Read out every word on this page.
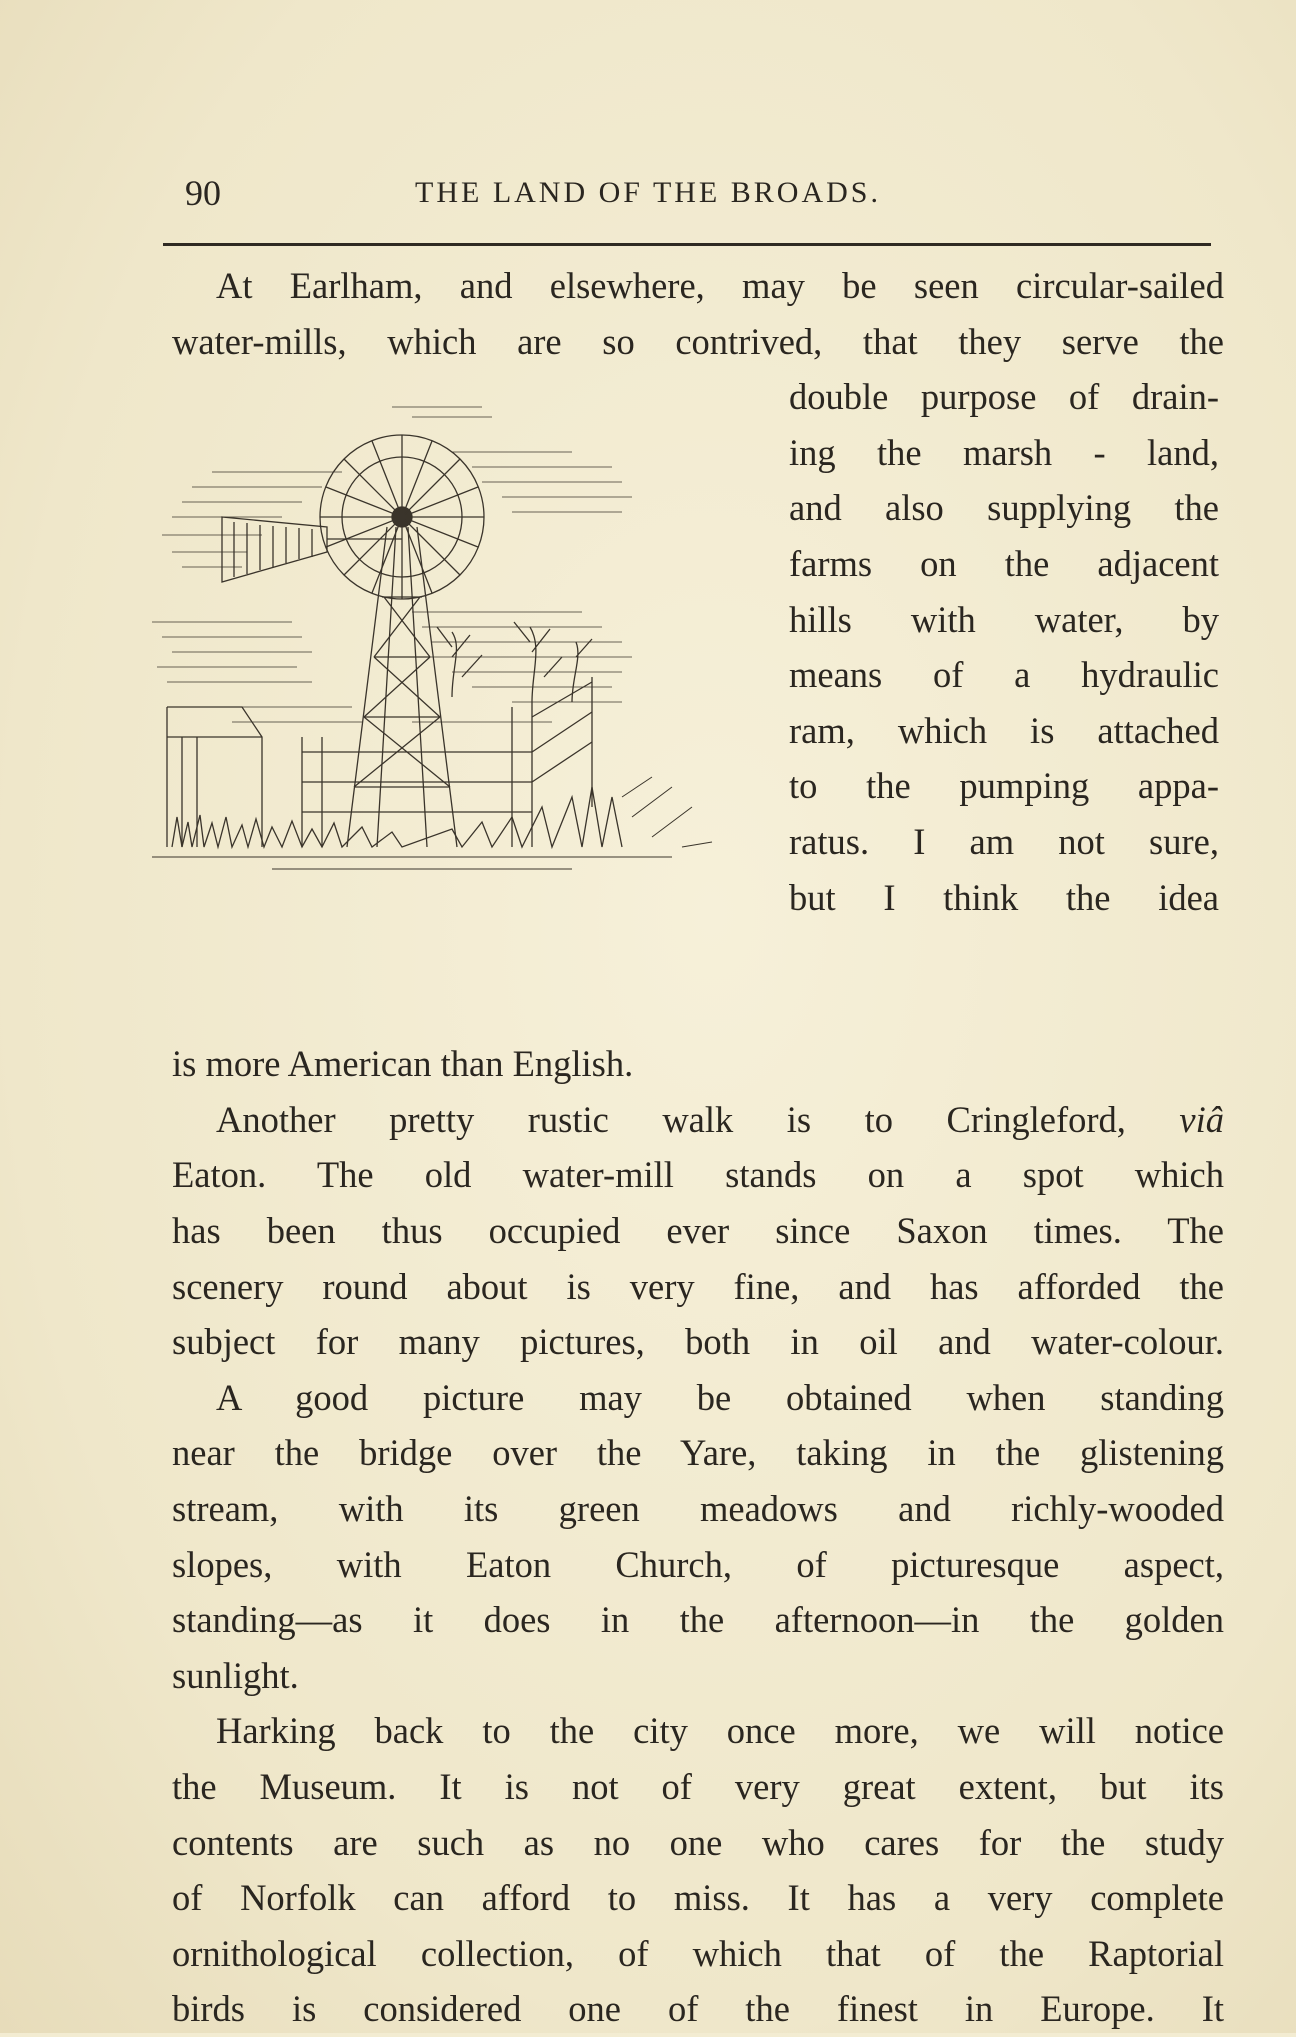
90	THE LAND OF THE BROADS.
At Earlham, and elsewhere, may be seen circular-sailed
water-mills, which are so contrived, that they serve the
double purpose of drain-
ing the marsh - land,
and also supplying the
farms on the adjacent
hills with water, by
means of a hydraulic
ram, which is attached
to the pumping appa-
ratus. I am not sure,
but I think the idea
is more American than English.
Another pretty rustic walk is to Cringleford, viâ
Eaton. The old water-mill stands on a spot which
has been thus occupied ever since Saxon times. The
scenery round about is very fine, and has afforded the
subject for many pictures, both in oil and water-colour.
A good picture may be obtained when standing
near the bridge over the Yare, taking in the glistening
stream, with its green meadows and richly-wooded
slopes, with Eaton Church, of picturesque aspect,
standing—as it does in the afternoon—in the golden
sunlight.
Harking back to the city once more, we will notice
the Museum. It is not of very great extent, but its
contents are such as no one who cares for the study
of Norfolk can afford to miss. It has a very complete
ornithological collection, of which that of the Raptorial
birds is considered one of the finest in Europe. It
